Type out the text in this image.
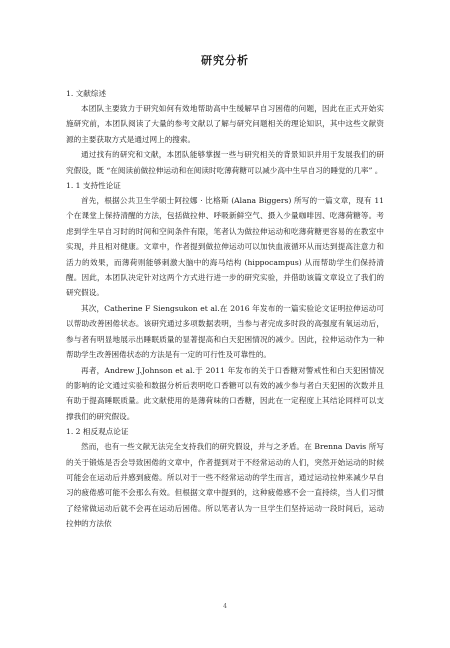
研究分析

1. 文献综述

本团队主要致力于研究如何有效地帮助高中生缓解早自习困倦的问题，因此在正式开始实施研究前，本团队阅读了大量的参考文献以了解与研究问题相关的理论知识，其中这些文献资源的主要获取方式是通过网上的搜索。

通过找有的研究和文献，本团队能够掌握一些与研究相关的背景知识并用于发展我们的研究假设，既 “在阅读前做拉伸运动和在阅读时吃薄荷糖可以减少高中生早自习的睡觉的几率” 。

1. 1 支持性论证

首先，根据公共卫生学硕士阿拉娜 · 比格斯 (Alana Biggers) 所写的一篇文章，现有 11 个在课堂上保持清醒的方法，包括做拉伸、呼吸新鲜空气、摄入少量咖啡因、吃薄荷糖等。考虑到学生早自习时的时间和空间条件有限，笔者认为做拉伸运动和吃薄荷糖更容易的在教室中实现，并且相对健康。文章中，作者提到做拉伸运动可以加快血液循环从而达到提高注意力和活力的效果，而薄荷则能够刺激大脑中的海马结构 (hippocampus) 从而帮助学生们保持清醒。因此，本团队决定针对这两个方式进行进一步的研究实验，并借助该篇文章设立了我们的研究假设。

其次，Catherine F Siengsukon et al.在 2016 年发布的一篇实验论文证明拉伸运动可以帮助改善困倦状态。该研究通过多项数据表明，当参与者完成多时段的高强度有氧运动后，参与者有明显地展示出睡眠质量的显著提高和白天犯困情况的减少。因此，拉伸运动作为一种帮助学生改善困倦状态的方法是有一定的可行性及可靠性的。

再者，Andrew J.Johnson et al.于 2011 年发布的关于口香糖对警戒性和白天犯困情况的影响的论文通过实验和数据分析后表明吃口香糖可以有效的减少参与者白天犯困的次数并且有助于提高睡眠质量。此文献使用的是薄荷味的口香糖，因此在一定程度上其结论同样可以支撑我们的研究假设。

1. 2 相反观点论证

然而，也有一些文献无法完全支持我们的研究假设，并与之矛盾。在 Brenna Davis 所写的关于锻炼是否会导致困倦的文章中，作者提到对于不经常运动的人们，突然开始运动的时候可能会在运动后并感到疲倦。所以对于一些不经常运动的学生而言，通过运动拉伸来减少早自习的疲倦感可能不会那么有效。但根据文章中提到的，这种疲倦感不会一直持续，当人们习惯了经常做运动后就不会再在运动后困倦。所以笔者认为一旦学生们坚持运动一段时间后，运动拉伸的方法依

4
